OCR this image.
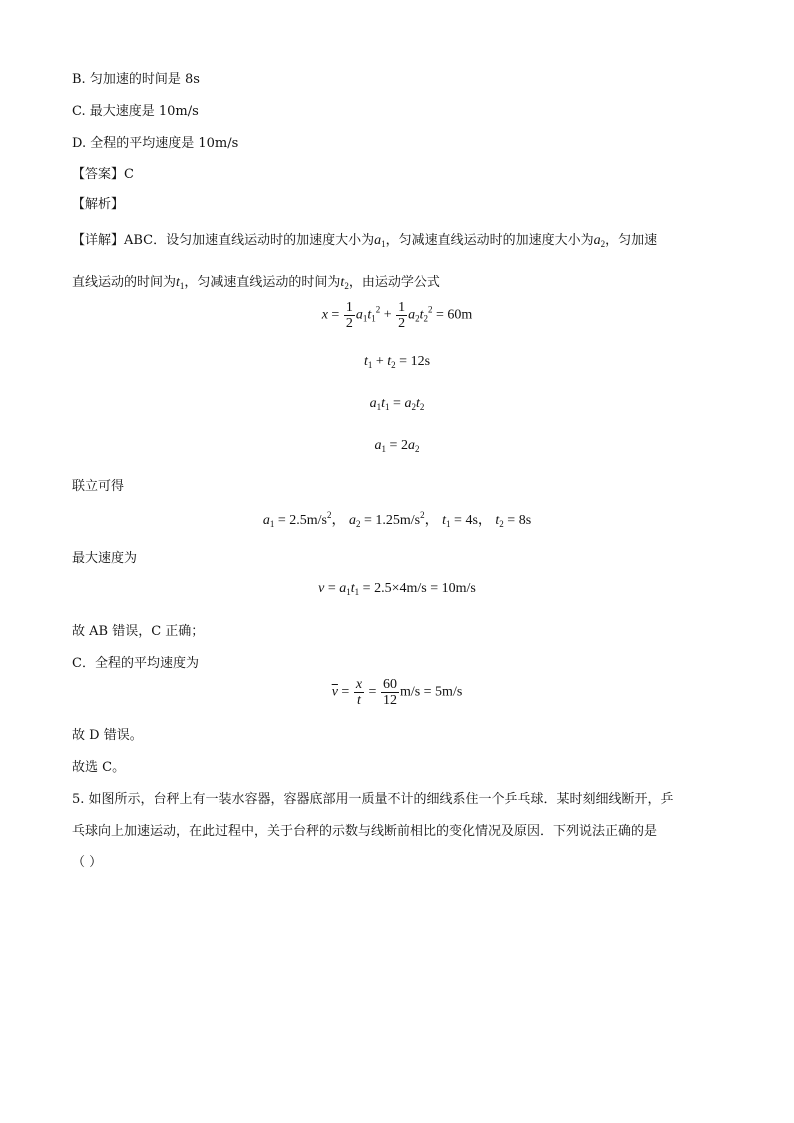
B. 匀加速的时间是 8s
C. 最大速度是 10m/s
D. 全程的平均速度是 10m/s
【答案】C
【解析】
【详解】ABC．设匀加速直线运动时的加速度大小为$a_1$，匀减速直线运动时的加速度大小为$a_2$，匀加速
直线运动的时间为$t_1$，匀减速直线运动的时间为$t_2$，由运动学公式
$x = \frac{1}{2} a_1t_1^2 + \frac{1}{2} a_2t_2^2 = 60m$
$t_1 + t_2 = 12s$
$a_1t_1 = a_2t_2$
$a_1 = 2a_2$
联立可得
$a_1 = 2.5m/s^2$， $a_2 = 1.25m/s^2$， $t_1 = 4s$， $t_2 = 8s$
最大速度为
$v = a_1t_1 = 2.5\times 4m/s = 10m/s$
故 AB 错误，C 正确；
C．全程的平均速度为
$\overline{v} = \frac{x}{t} = \frac{60}{12} m/s = 5m/s$
故 D 错误。
故选 C。
5. 如图所示，台秤上有一装水容器，容器底部用一质量不计的细线系住一个乒乓球．某时刻细线断开，乒
乓球向上加速运动，在此过程中，关于台秤的示数与线断前相比的变化情况及原因．下列说法正确的是
（ ）
